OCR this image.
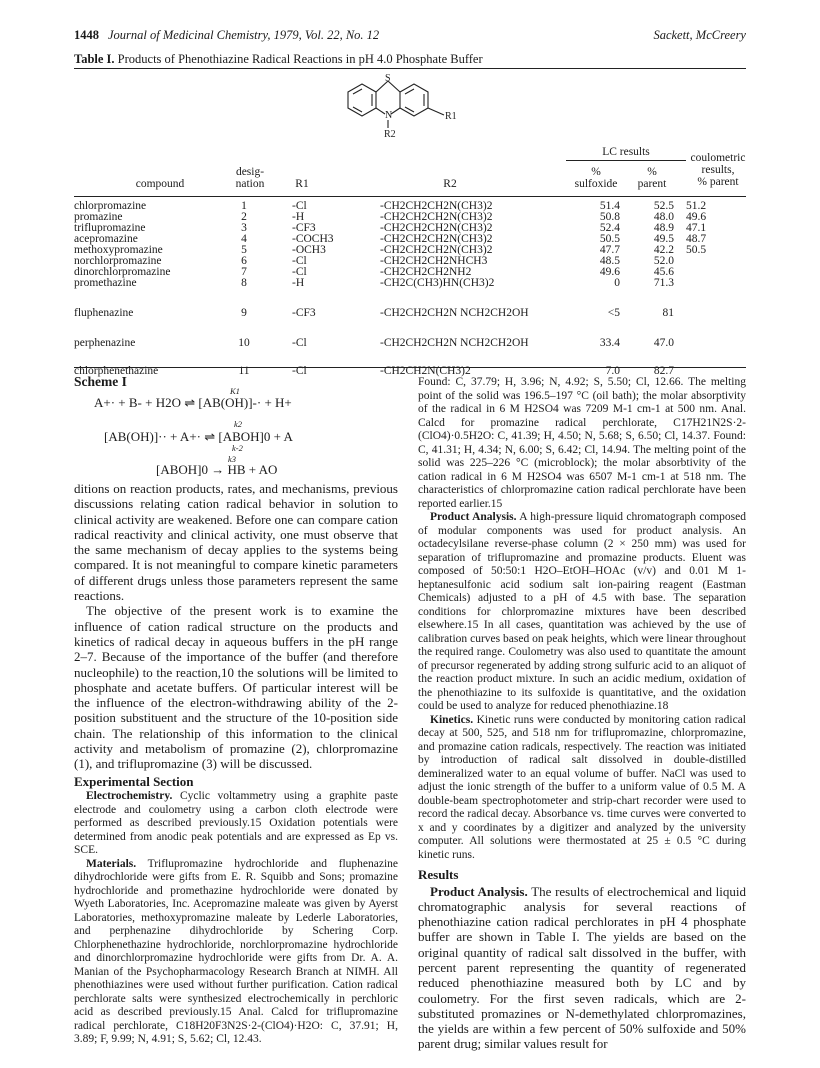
1448 Journal of Medicinal Chemistry, 1979, Vol. 22, No. 12	Sackett, McCreery
Table I. Products of Phenothiazine Radical Reactions in pH 4.0 Phosphate Buffer
S
N	R1
R2
LC results	coulometric
results,
% parent
desig-
nation
%
sulfoxide
%
parent
compound	R1	R2
chlorpromazine	1	-Cl	-CH2CH2CH2N(CH3)2	51.4	52.5 51.2
promazine	2	-H	-CH2CH2CH2N(CH3)2	50.8	48.0 49.6
triflupromazine	3	-CF3	-CH2CH2CH2N(CH3)2	52.4	48.9 47.1
acepromazine	4	-COCH3	-CH2CH2CH2N(CH3)2	50.5	49.5 48.7
methoxypromazine	5	-OCH3	-CH2CH2CH2N(CH3)2	47.7	42.2 50.5
norchlorpromazine	6	-Cl	-CH2CH2CH2NHCH3	48.5	52.0
dinorchlorpromazine	7	-Cl	-CH2CH2CH2NH2	49.6	45.6
promethazine	8	-H	-CH2C(CH3)HN(CH3)2	0	71.3
fluphenazine	9	-CF3	-CH2CH2CH2N NCH2CH2OH	<5	81
perphenazine	10	-Cl	-CH2CH2CH2N NCH2CH2OH	33.4	47.0
chlorphenethazine	11	-Cl	-CH2CH2N(CH3)2	7.0	82.7
Scheme I
A+· + B- + H2O ⇌ [AB(OH)]-· + H+
K1
[AB(OH)]·· + A+· ⇌ [ABOH]0 + A
k2
k-2
[ABOH]0 → HB + AO
k3

ditions on reaction products, rates, and mechanisms, previous discussions relating cation radical behavior in solution to clinical activity are weakened. Before one can compare cation radical reactivity and clinical activity, one must observe that the same mechanism of decay applies to the systems being compared. It is not meaningful to compare kinetic parameters of different drugs unless those parameters represent the same reactions.

The objective of the present work is to examine the influence of cation radical structure on the products and kinetics of radical decay in aqueous buffers in the pH range 2–7. Because of the importance of the buffer (and therefore nucleophile) to the reaction,10 the solutions will be limited to phosphate and acetate buffers. Of particular interest will be the influence of the electron-withdrawing ability of the 2-position substituent and the structure of the 10-position side chain. The relationship of this information to the clinical activity and metabolism of promazine (2), chlorpromazine (1), and triflupromazine (3) will be discussed.

Experimental Section

Electrochemistry. Cyclic voltammetry using a graphite paste electrode and coulometry using a carbon cloth electrode were performed as described previously.15 Oxidation potentials were determined from anodic peak potentials and are expressed as Ep vs. SCE.

Materials. Triflupromazine hydrochloride and fluphenazine dihydrochloride were gifts from E. R. Squibb and Sons; promazine hydrochloride and promethazine hydrochloride were donated by Wyeth Laboratories, Inc. Acepromazine maleate was given by Ayerst Laboratories, methoxypromazine maleate by Lederle Laboratories, and perphenazine dihydrochloride by Schering Corp. Chlorphenethazine hydrochloride, norchlorpromazine hydrochloride and dinorchlorpromazine hydrochloride were gifts from Dr. A. A. Manian of the Psychopharmacology Research Branch at NIMH. All phenothiazines were used without further purification. Cation radical perchlorate salts were synthesized electrochemically in perchloric acid as described previously.15 Anal. Calcd for triflupromazine radical perchlorate, C18H20F3N2S·2-(ClO4)·H2O: C, 37.91; H, 3.89; F, 9.99; N, 4.91; S, 5.62; Cl, 12.43.

Found: C, 37.79; H, 3.96; N, 4.92; S, 5.50; Cl, 12.66. The melting point of the solid was 196.5–197 °C (oil bath); the molar absorptivity of the radical in 6 M H2SO4 was 7209 M-1 cm-1 at 500 nm. Anal. Calcd for promazine radical perchlorate, C17H21N2S·2-(ClO4)·0.5H2O: C, 41.39; H, 4.50; N, 5.68; S, 6.50; Cl, 14.37. Found: C, 41.31; H, 4.34; N, 6.00; S, 6.42; Cl, 14.94. The melting point of the solid was 225–226 °C (microblock); the molar absorbtivity of the cation radical in 6 M H2SO4 was 6507 M-1 cm-1 at 518 nm. The characteristics of chlorpromazine cation radical perchlorate have been reported earlier.15

Product Analysis. A high-pressure liquid chromatograph composed of modular components was used for product analysis. An octadecylsilane reverse-phase column (2 × 250 mm) was used for separation of triflupromazine and promazine products. Eluent was composed of 50:50:1 H2O–EtOH–HOAc (v/v) and 0.01 M 1-heptanesulfonic acid sodium salt ion-pairing reagent (Eastman Chemicals) adjusted to a pH of 4.5 with base. The separation conditions for chlorpromazine mixtures have been described elsewhere.15 In all cases, quantitation was achieved by the use of calibration curves based on peak heights, which were linear throughout the required range. Coulometry was also used to quantitate the amount of precursor regenerated by adding strong sulfuric acid to an aliquot of the reaction product mixture. In such an acidic medium, oxidation of the phenothiazine to its sulfoxide is quantitative, and the oxidation could be used to analyze for reduced phenothiazine.18

Kinetics. Kinetic runs were conducted by monitoring cation radical decay at 500, 525, and 518 nm for triflupromazine, chlorpromazine, and promazine cation radicals, respectively. The reaction was initiated by introduction of radical salt dissolved in double-distilled demineralized water to an equal volume of buffer. NaCl was used to adjust the ionic strength of the buffer to a uniform value of 0.5 M. A double-beam spectrophotometer and strip-chart recorder were used to record the radical decay. Absorbance vs. time curves were converted to x and y coordinates by a digitizer and analyzed by the university computer. All solutions were thermostated at 25 ± 0.5 °C during kinetic runs.

Results

Product Analysis. The results of electrochemical and liquid chromatographic analysis for several reactions of phenothiazine cation radical perchlorates in pH 4 phosphate buffer are shown in Table I. The yields are based on the original quantity of radical salt dissolved in the buffer, with percent parent representing the quantity of regenerated reduced phenothiazine measured both by LC and by coulometry. For the first seven radicals, which are 2-substituted promazines or N-demethylated chlorpromazines, the yields are within a few percent of 50% sulfoxide and 50% parent drug; similar values result for
